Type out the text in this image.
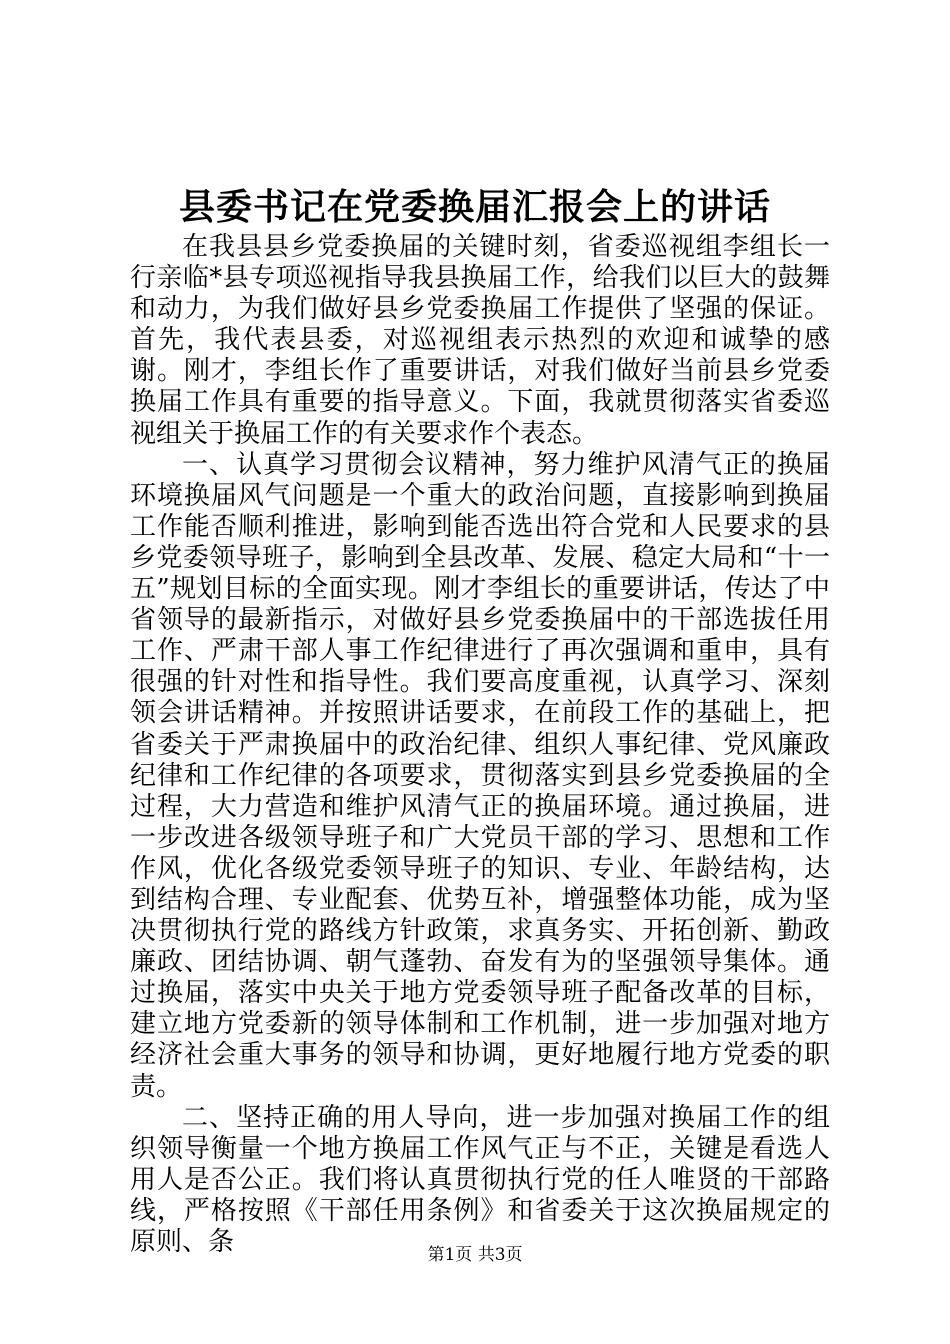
县委书记在党委换届汇报会上的讲话

在我县县乡党委换届的关键时刻，省委巡视组李组长一行亲临*县专项巡视指导我县换届工作，给我们以巨大的鼓舞和动力，为我们做好县乡党委换届工作提供了坚强的保证。首先，我代表县委，对巡视组表示热烈的欢迎和诚挚的感谢。刚才，李组长作了重要讲话，对我们做好当前县乡党委换届工作具有重要的指导意义。下面，我就贯彻落实省委巡视组关于换届工作的有关要求作个表态。

一、认真学习贯彻会议精神，努力维护风清气正的换届环境换届风气问题是一个重大的政治问题，直接影响到换届工作能否顺利推进，影响到能否选出符合党和人民要求的县乡党委领导班子，影响到全县改革、发展、稳定大局和“十一五”规划目标的全面实现。刚才李组长的重要讲话，传达了中省领导的最新指示，对做好县乡党委换届中的干部选拔任用工作、严肃干部人事工作纪律进行了再次强调和重申，具有很强的针对性和指导性。我们要高度重视，认真学习、深刻领会讲话精神。并按照讲话要求，在前段工作的基础上，把省委关于严肃换届中的政治纪律、组织人事纪律、党风廉政纪律和工作纪律的各项要求，贯彻落实到县乡党委换届的全过程，大力营造和维护风清气正的换届环境。通过换届，进一步改进各级领导班子和广大党员干部的学习、思想和工作作风，优化各级党委领导班子的知识、专业、年龄结构，达到结构合理、专业配套、优势互补，增强整体功能，成为坚决贯彻执行党的路线方针政策，求真务实、开拓创新、勤政廉政、团结协调、朝气蓬勃、奋发有为的坚强领导集体。通过换届，落实中央关于地方党委领导班子配备改革的目标，建立地方党委新的领导体制和工作机制，进一步加强对地方经济社会重大事务的领导和协调，更好地履行地方党委的职责。

二、坚持正确的用人导向，进一步加强对换届工作的组织领导衡量一个地方换届工作风气正与不正，关键是看选人用人是否公正。我们将认真贯彻执行党的任人唯贤的干部路线，严格按照《干部任用条例》和省委关于这次换届规定的原则、条	第1页 共3页
